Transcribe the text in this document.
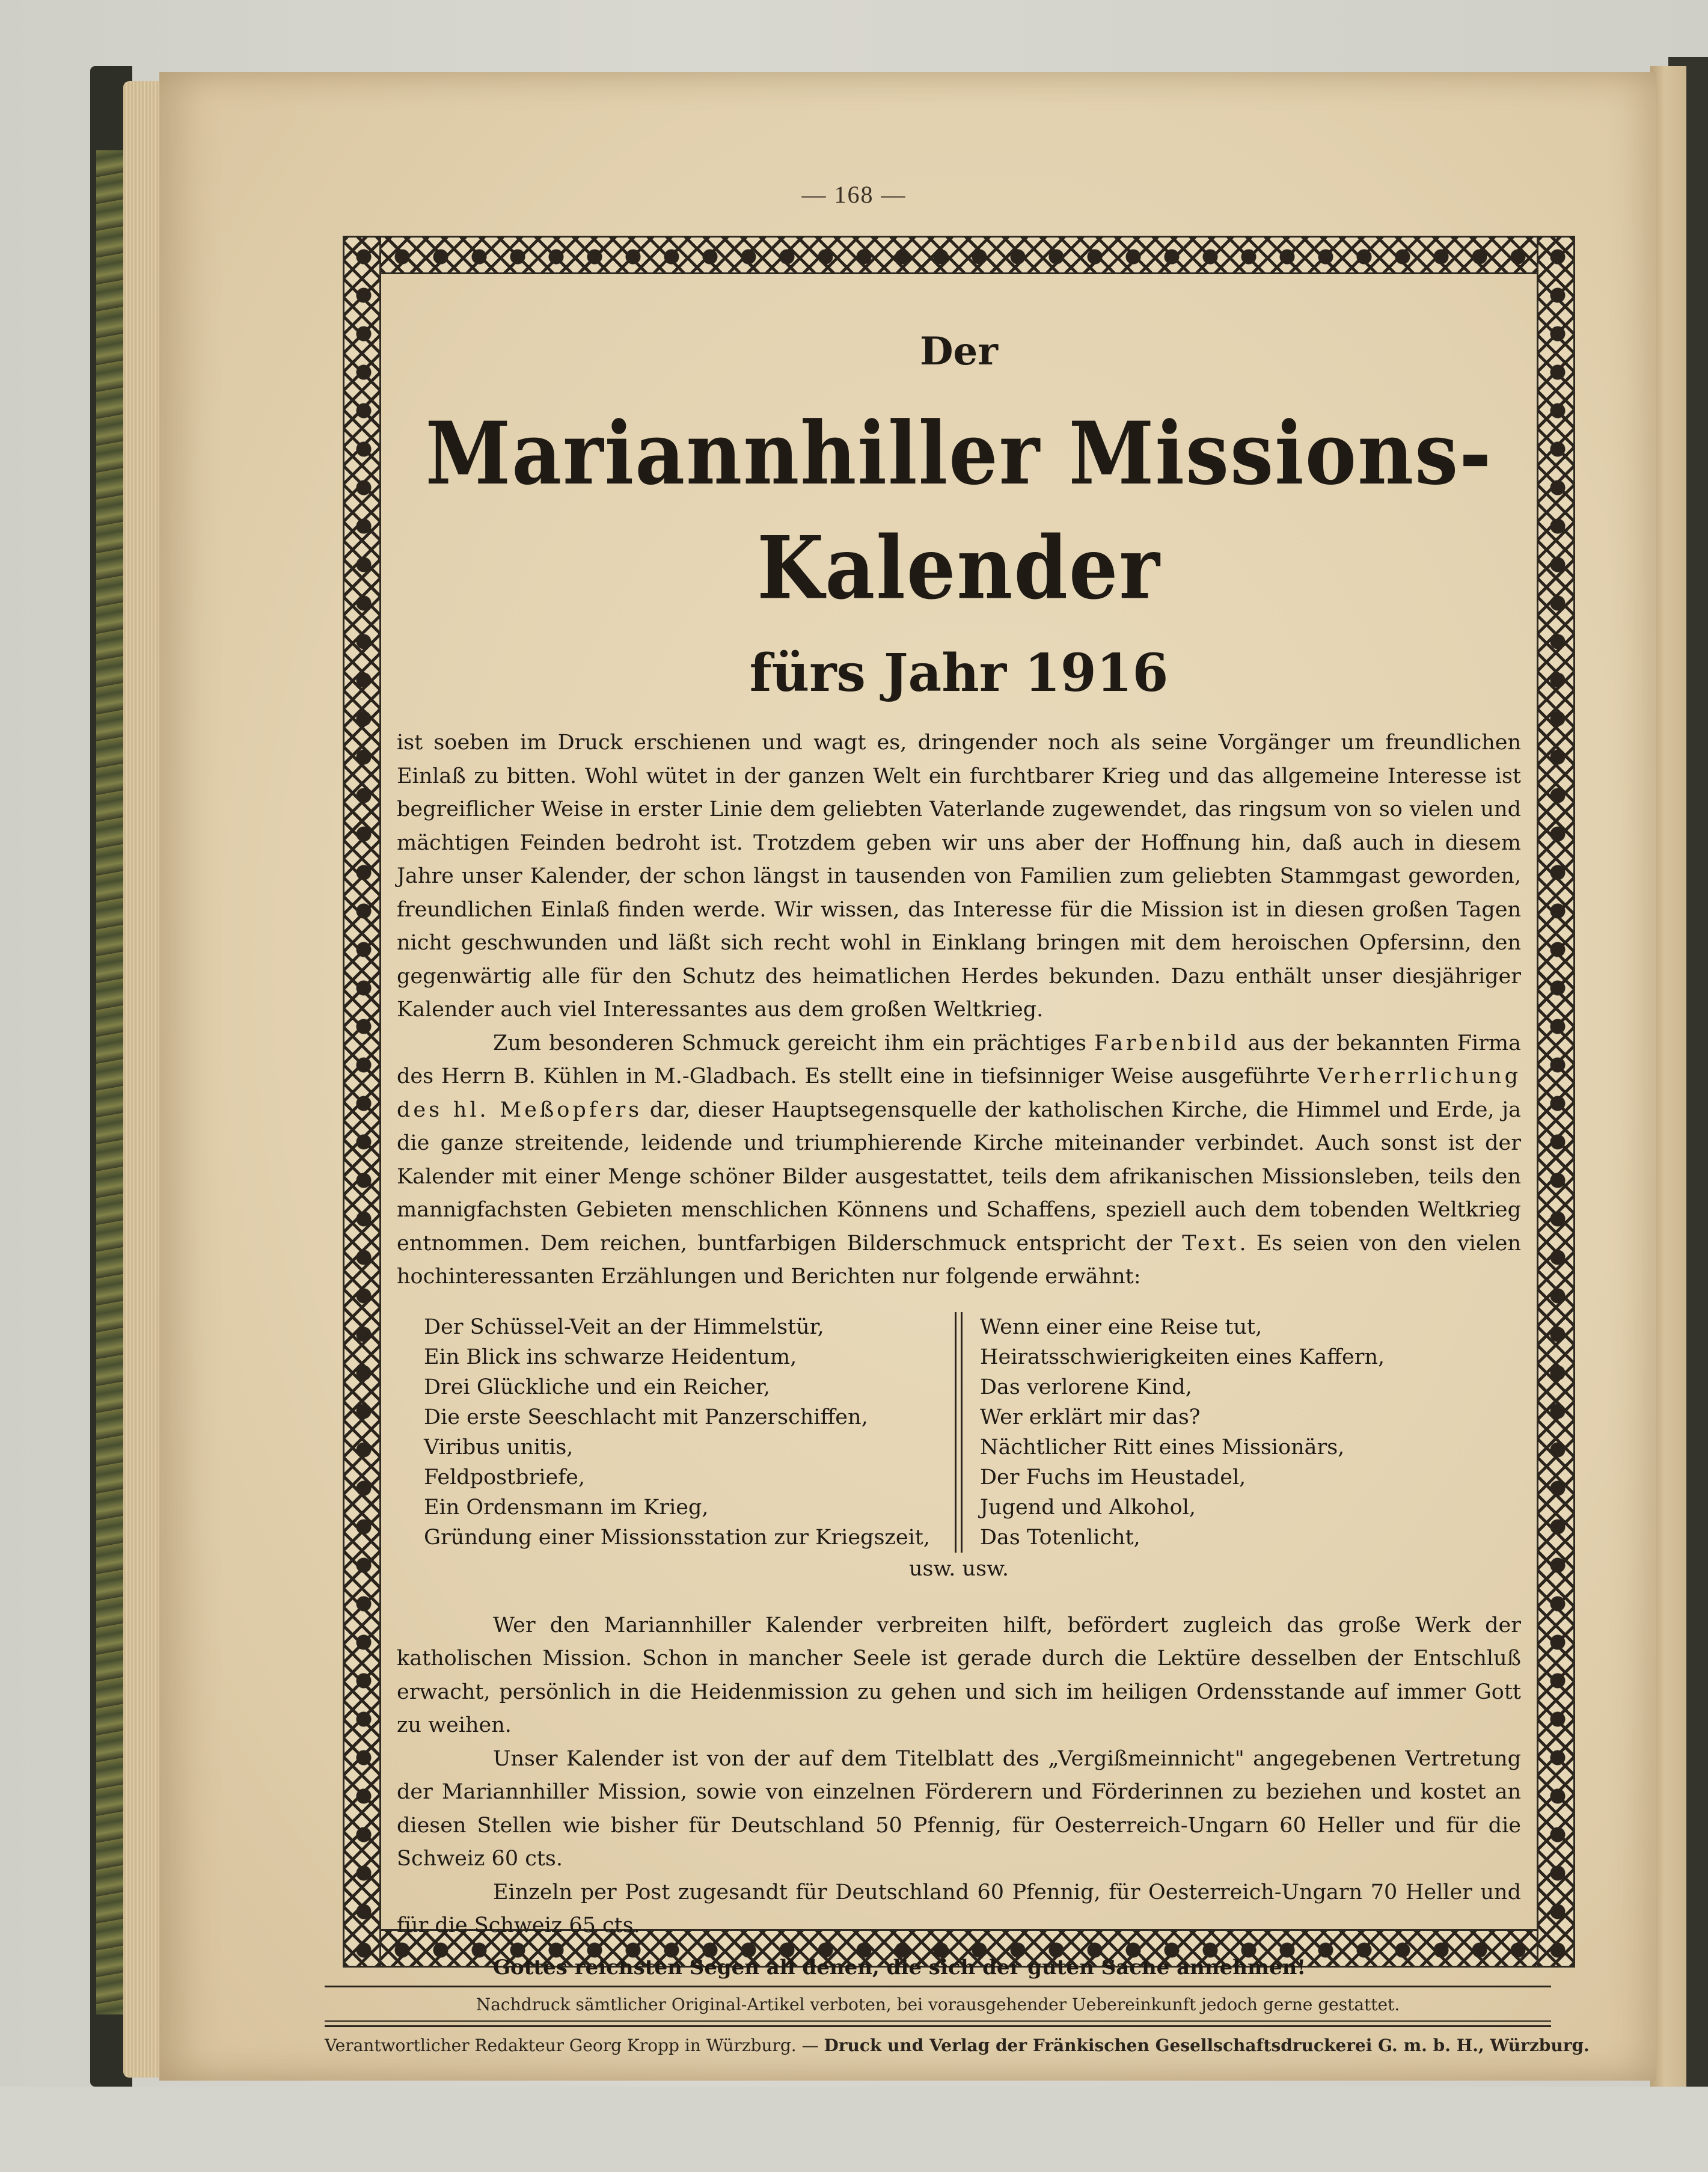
— 168 —
Der
Mariannhiller Missions-Kalender
fürs Jahr 1916

ist soeben im Druck erschienen und wagt es, dringender noch als seine Vorgänger um freundlichen Einlaß zu bitten. Wohl wütet in der ganzen Welt ein furchtbarer Krieg und das allgemeine Interesse ist begreiflicher Weise in erster Linie dem geliebten Vaterlande zugewendet, das ringsum von so vielen und mächtigen Feinden bedroht ist. Trotzdem geben wir uns aber der Hoffnung hin, daß auch in diesem Jahre unser Kalender, der schon längst in tausenden von Familien zum geliebten Stammgast geworden, freundlichen Einlaß finden werde. Wir wissen, das Interesse für die Mission ist in diesen großen Tagen nicht geschwunden und läßt sich recht wohl in Einklang bringen mit dem heroischen Opfersinn, den gegenwärtig alle für den Schutz des heimatlichen Herdes bekunden. Dazu enthält unser diesjähriger Kalender auch viel Interessantes aus dem großen Weltkrieg.

Zum besonderen Schmuck gereicht ihm ein prächtiges Farbenbild aus der bekannten Firma des Herrn B. Kühlen in M.-Gladbach. Es stellt eine in tiefsinniger Weise ausgeführte Verherrlichung des hl. Meßopfers dar, dieser Hauptsegensquelle der katholischen Kirche, die Himmel und Erde, ja die ganze streitende, leidende und triumphierende Kirche miteinander verbindet. Auch sonst ist der Kalender mit einer Menge schöner Bilder ausgestattet, teils dem afrikanischen Missionsleben, teils den mannigfachsten Gebieten menschlichen Könnens und Schaffens, speziell auch dem tobenden Weltkrieg entnommen. Dem reichen, buntfarbigen Bilderschmuck entspricht der Text. Es seien von den vielen hochinteressanten Erzählungen und Berichten nur folgende erwähnt:

Der Schüssel-Veit an der Himmelstür,
Ein Blick ins schwarze Heidentum,
Drei Glückliche und ein Reicher,
Die erste Seeschlacht mit Panzerschiffen,
Viribus unitis,
Feldpostbriefe,
Ein Ordensmann im Krieg,
Gründung einer Missionsstation zur Kriegszeit,
Wenn einer eine Reise tut,
Heiratsschwierigkeiten eines Kaffern,
Das verlorene Kind,
Wer erklärt mir das?
Nächtlicher Ritt eines Missionärs,
Der Fuchs im Heustadel,
Jugend und Alkohol,
Das Totenlicht,
usw. usw.

Wer den Mariannhiller Kalender verbreiten hilft, befördert zugleich das große Werk der katholischen Mission. Schon in mancher Seele ist gerade durch die Lektüre desselben der Entschluß erwacht, persönlich in die Heidenmission zu gehen und sich im heiligen Ordensstande auf immer Gott zu weihen.

Unser Kalender ist von der auf dem Titelblatt des „Vergißmeinnicht" angegebenen Vertretung der Mariannhiller Mission, sowie von einzelnen Förderern und Förderinnen zu beziehen und kostet an diesen Stellen wie bisher für Deutschland 50 Pfennig, für Oesterreich-Ungarn 60 Heller und für die Schweiz 60 cts.

Einzeln per Post zugesandt für Deutschland 60 Pfennig, für Oesterreich-Ungarn 70 Heller und für die Schweiz 65 cts.

Gottes reichsten Segen all denen, die sich der guten Sache annehmen!

Nachdruck sämtlicher Original-Artikel verboten, bei vorausgehender Uebereinkunft jedoch gerne gestattet.
Verantwortlicher Redakteur Georg Kropp in Würzburg. — Druck und Verlag der Fränkischen Gesellschaftsdruckerei G. m. b. H., Würzburg.
